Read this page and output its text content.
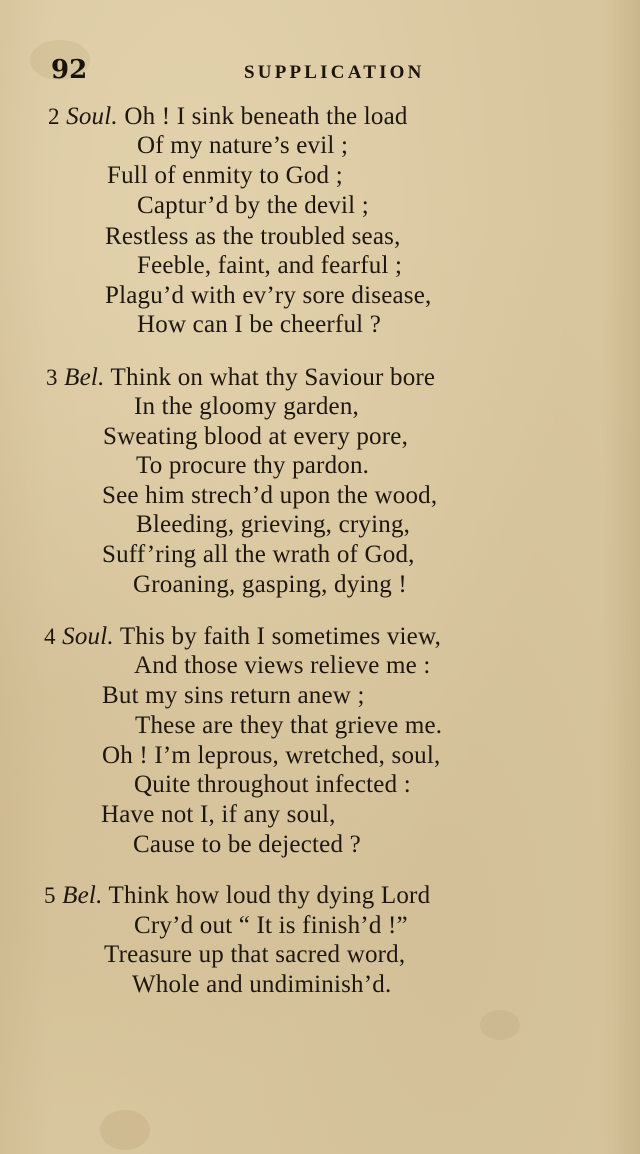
92	SUPPLICATION
2 Soul. Oh ! I sink beneath the load
Of my nature’s evil ;
Full of enmity to God ;
Captur’d by the devil ;
Restless as the troubled seas,
Feeble, faint, and fearful ;
Plagu’d with ev’ry sore disease,
How can I be cheerful ?
3 Bel. Think on what thy Saviour bore
In the gloomy garden,
Sweating blood at every pore,
To procure thy pardon.
See him strech’d upon the wood,
Bleeding, grieving, crying,
Suff’ring all the wrath of God,
Groaning, gasping, dying !
4 Soul. This by faith I sometimes view,
And those views relieve me :
But my sins return anew ;
These are they that grieve me.
Oh ! I’m leprous, wretched, soul,
Quite throughout infected :
Have not I, if any soul,
Cause to be dejected ?
5 Bel. Think how loud thy dying Lord
Cry’d out “ It is finish’d !”
Treasure up that sacred word,
Whole and undiminish’d.
